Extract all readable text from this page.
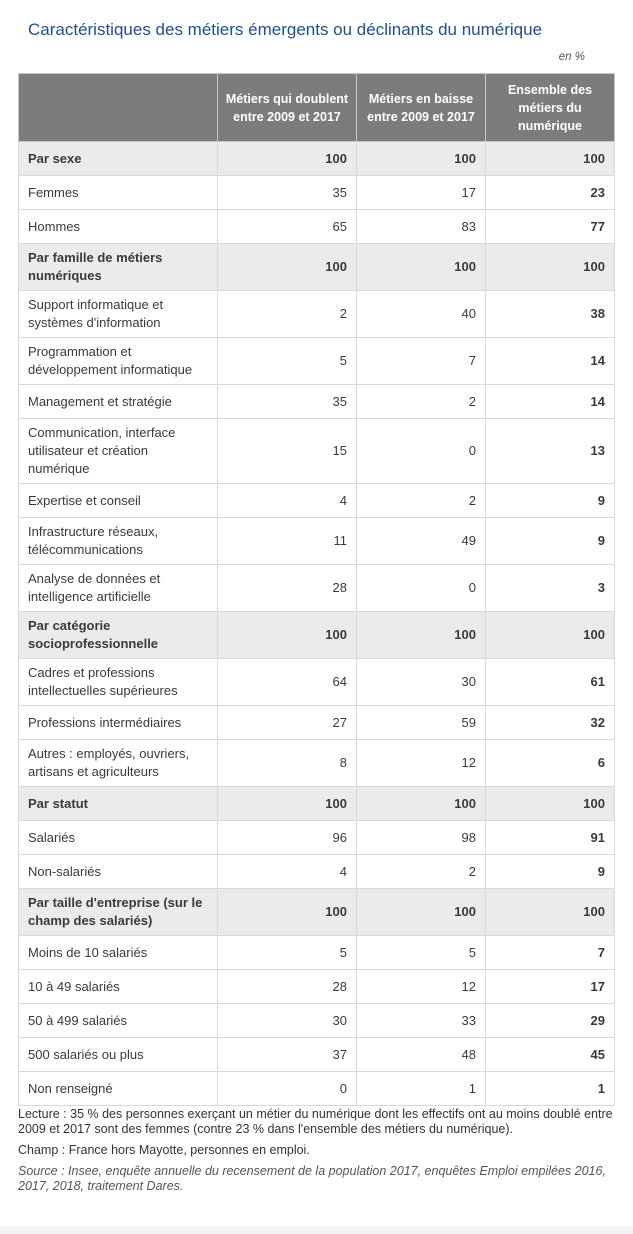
Caractéristiques des métiers émergents ou déclinants du numérique
en %
	Métiers qui doublent entre 2009 et 2017	Métiers en baisse entre 2009 et 2017	Ensemble des métiers du numérique
Par sexe	100	100	100
Femmes	35	17	23
Hommes	65	83	77
Par famille de métiers numériques	100	100	100
Support informatique et systèmes d'information	2	40	38
Programmation et développement informatique	5	7	14
Management et stratégie	35	2	14
Communication, interface utilisateur et création numérique	15	0	13
Expertise et conseil	4	2	9
Infrastructure réseaux, télécommunications	11	49	9
Analyse de données et intelligence artificielle	28	0	3
Par catégorie socioprofessionnelle	100	100	100
Cadres et professions intellectuelles supérieures	64	30	61
Professions intermédiaires	27	59	32
Autres : employés, ouvriers, artisans et agriculteurs	8	12	6
Par statut	100	100	100
Salariés	96	98	91
Non-salariés	4	2	9
Par taille d'entreprise (sur le champ des salariés)	100	100	100
Moins de 10 salariés	5	5	7
10 à 49 salariés	28	12	17
50 à 499 salariés	30	33	29
500 salariés ou plus	37	48	45
Non renseigné	0	1	1

Lecture : 35 % des personnes exerçant un métier du numérique dont les effectifs ont au moins doublé entre 2009 et 2017 sont des femmes (contre 23 % dans l'ensemble des métiers du numérique).

Champ : France hors Mayotte, personnes en emploi.

Source : Insee, enquête annuelle du recensement de la population 2017, enquêtes Emploi empilées 2016, 2017, 2018, traitement Dares.
